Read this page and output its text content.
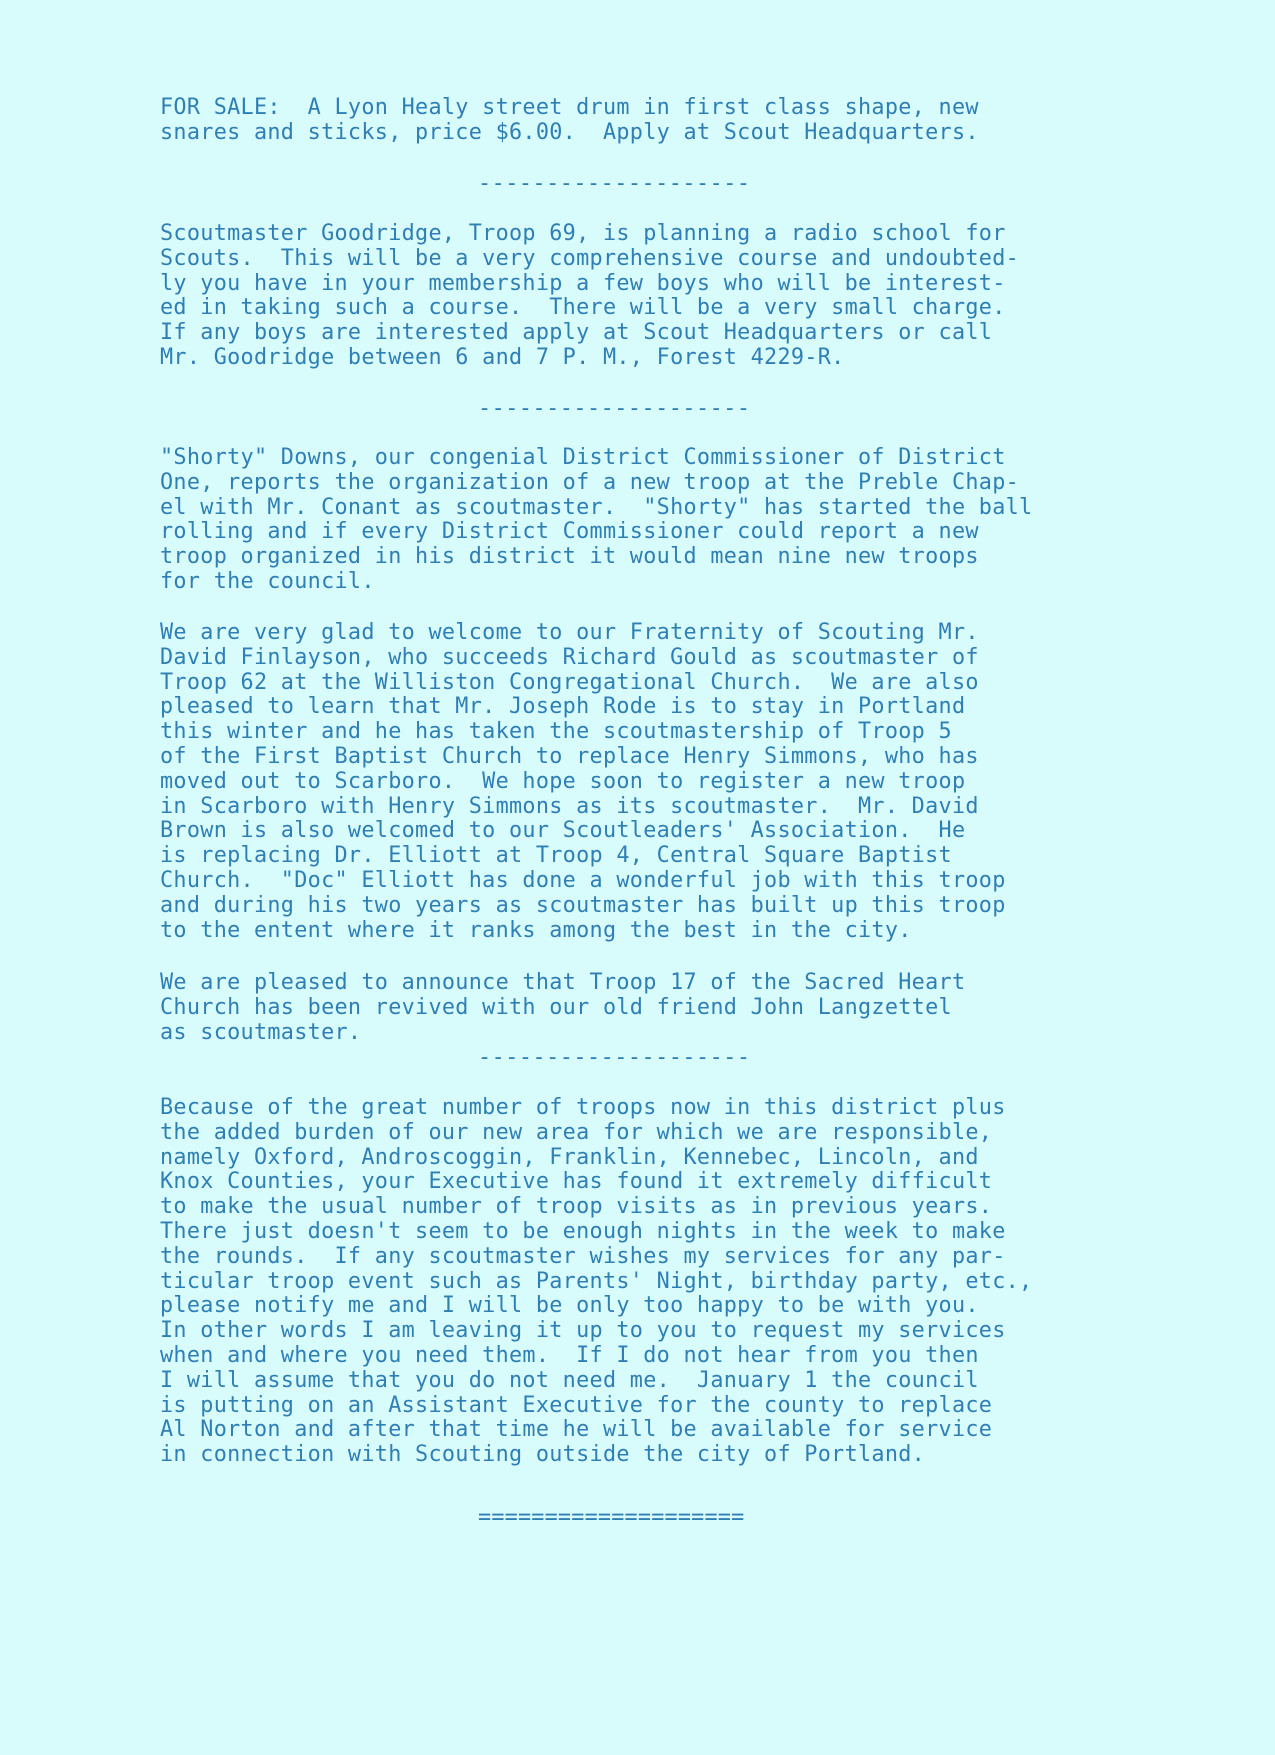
FOR SALE:  A Lyon Healy street drum in first class shape, new
snares and sticks, price $6.00.  Apply at Scout Headquarters.

--------------------

Scoutmaster Goodridge, Troop 69, is planning a radio school for
Scouts.  This will be a very comprehensive course and undoubted-
ly you have in your membership a few boys who will be interest-
ed in taking such a course.  There will be a very small charge.
If any boys are interested apply at Scout Headquarters or call
Mr. Goodridge between 6 and 7 P. M., Forest 4229-R.

--------------------

"Shorty" Downs, our congenial District Commissioner of District
One, reports the organization of a new troop at the Preble Chap-
el with Mr. Conant as scoutmaster.  "Shorty" has started the ball
rolling and if every District Commissioner could report a new
troop organized in his district it would mean nine new troops
for the council.

We are very glad to welcome to our Fraternity of Scouting Mr.
David Finlayson, who succeeds Richard Gould as scoutmaster of
Troop 62 at the Williston Congregational Church.  We are also
pleased to learn that Mr. Joseph Rode is to stay in Portland
this winter and he has taken the scoutmastership of Troop 5
of the First Baptist Church to replace Henry Simmons, who has
moved out to Scarboro.  We hope soon to register a new troop
in Scarboro with Henry Simmons as its scoutmaster.  Mr. David
Brown is also welcomed to our Scoutleaders' Association.  He
is replacing Dr. Elliott at Troop 4, Central Square Baptist
Church.  "Doc" Elliott has done a wonderful job with this troop
and during his two years as scoutmaster has built up this troop
to the entent where it ranks among the best in the city.

We are pleased to announce that Troop 17 of the Sacred Heart
Church has been revived with our old friend John Langzettel
as scoutmaster.

--------------------

Because of the great number of troops now in this district plus
the added burden of our new area for which we are responsible,
namely Oxford, Androscoggin, Franklin, Kennebec, Lincoln, and
Knox Counties, your Executive has found it extremely difficult
to make the usual number of troop visits as in previous years.
There just doesn't seem to be enough nights in the week to make
the rounds.  If any scoutmaster wishes my services for any par-
ticular troop event such as Parents' Night, birthday party, etc.,
please notify me and I will be only too happy to be with you.
In other words I am leaving it up to you to request my services
when and where you need them.  If I do not hear from you then
I will assume that you do not need me.  January 1 the council
is putting on an Assistant Executive for the county to replace
Al Norton and after that time he will be available for service
in connection with Scouting outside the city of Portland.

====================
